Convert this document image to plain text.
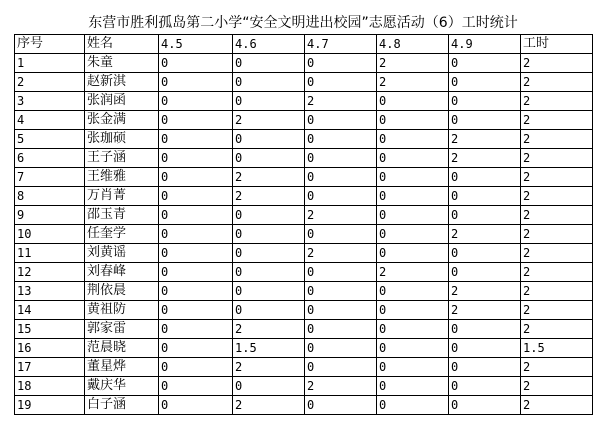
东营市胜利孤岛第二小学“安全文明进出校园”志愿活动（6）工时统计
序号	姓名	4.5	4.6	4.7	4.8	4.9	工时
1	朱童	0	0	0	2	0	2
2	赵新淇	0	0	0	2	0	2
3	张润函	0	0	2	0	0	2
4	张金满	0	2	0	0	0	2
5	张珈硕	0	0	0	0	2	2
6	王子涵	0	0	0	0	2	2
7	王维雅	0	2	0	0	0	2
8	万肖菁	0	2	0	0	0	2
9	邵玉青	0	0	2	0	0	2
10	任奎学	0	0	0	0	2	2
11	刘黄谣	0	0	2	0	0	2
12	刘春峰	0	0	0	2	0	2
13	荆依晨	0	0	0	0	2	2
14	黄祖防	0	0	0	0	2	2
15	郭家雷	0	2	0	0	0	2
16	范晨晓	0	1.5	0	0	0	1.5
17	董星烨	0	2	0	0	0	2
18	戴庆华	0	0	2	0	0	2
19	白子涵	0	2	0	0	0	2
